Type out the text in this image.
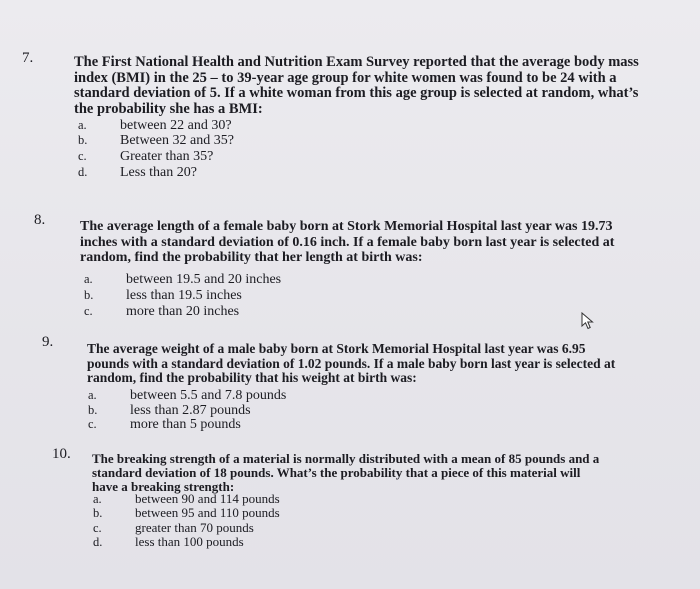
7.	The First National Health and Nutrition Exam Survey reported that the average body mass
index (BMI) in the 25 – to 39-year age group for white women was found to be 24 with a
standard deviation of 5. If a white woman from this age group is selected at random, what’s
the probability she has a BMI:
a. between 22 and 30?
b. Between 32 and 35?
c. Greater than 35?
d. Less than 20?
8. The average length of a female baby born at Stork Memorial Hospital last year was 19.73
inches with a standard deviation of 0.16 inch. If a female baby born last year is selected at
random, find the probability that her length at birth was:
a. between 19.5 and 20 inches
b. less than 19.5 inches
c. more than 20 inches
9.	The average weight of a male baby born at Stork Memorial Hospital last year was 6.95
pounds with a standard deviation of 1.02 pounds. If a male baby born last year is selected at
random, find the probability that his weight at birth was:
a. between 5.5 and 7.8 pounds
b. less than 2.87 pounds
c. more than 5 pounds
10. The breaking strength of a material is normally distributed with a mean of 85 pounds and a
standard deviation of 18 pounds. What’s the probability that a piece of this material will
have a breaking strength:
a.	between 90 and 114 pounds
b.	between 95 and 110 pounds
c.	greater than 70 pounds
d.	less than 100 pounds
